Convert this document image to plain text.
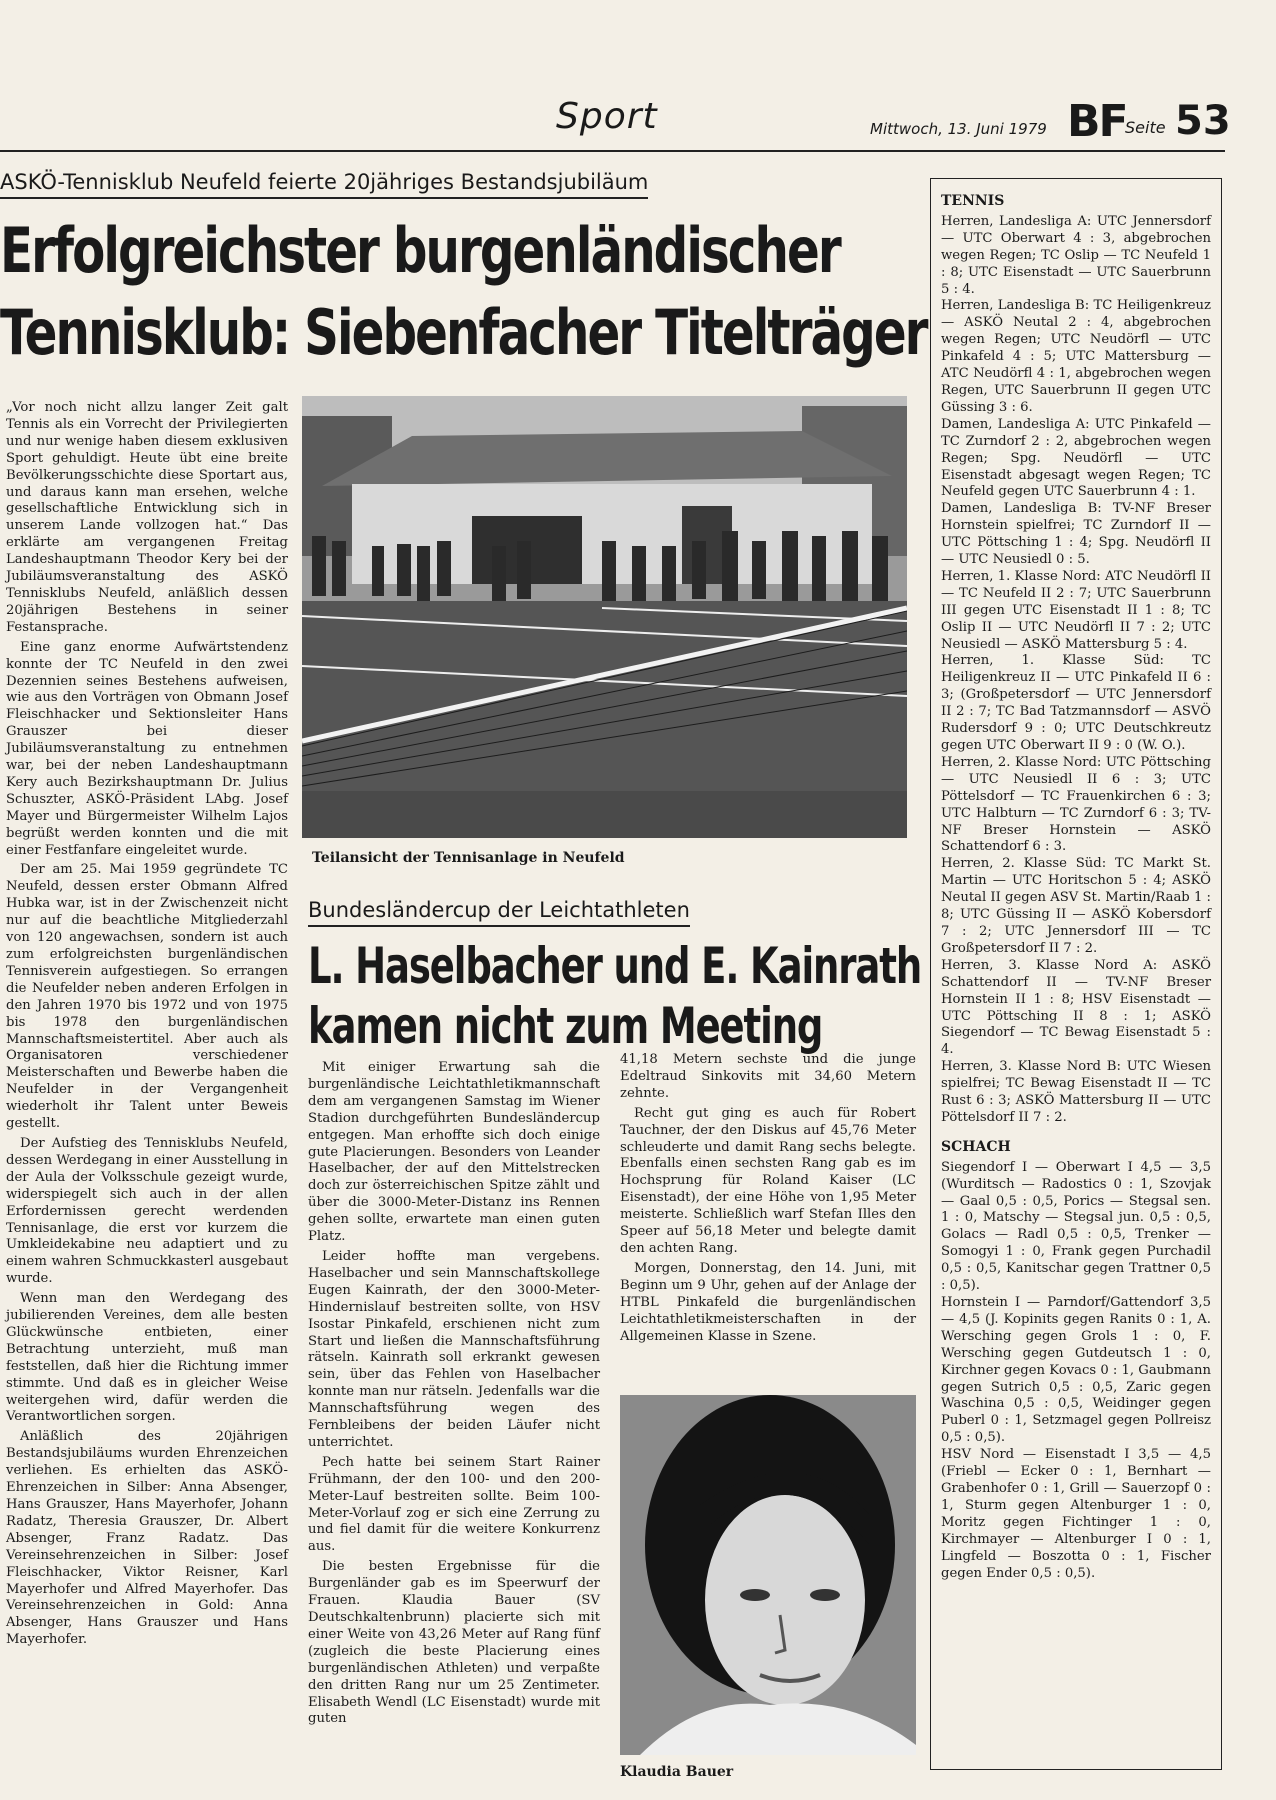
Sport	Mittwoch, 13. Juni 1979 BF
Seite 53
ASKÖ-Tennisklub Neufeld feierte 20jähriges Bestandsjubiläum
Erfolgreichster burgenländischer
Tennisklub: Siebenfacher Titelträger

„Vor noch nicht allzu langer Zeit galt Tennis als ein Vorrecht der Privilegierten und nur wenige haben diesem exklusiven Sport gehuldigt. Heute übt eine breite Bevölkerungsschichte diese Sportart aus, und daraus kann man ersehen, welche gesellschaftliche Entwicklung sich in unserem Lande vollzogen hat.“ Das erklärte am vergangenen Freitag Landeshauptmann Theodor Kery bei der Jubiläumsveranstaltung des ASKÖ Tennisklubs Neufeld, anläßlich dessen 20jährigen Bestehens in seiner Festansprache.

Eine ganz enorme Aufwärtstendenz konnte der TC Neufeld in den zwei Dezennien seines Bestehens aufweisen, wie aus den Vorträgen von Obmann Josef Fleischhacker und Sektionsleiter Hans Grauszer bei dieser Jubiläumsveranstaltung zu entnehmen war, bei der neben Landeshauptmann Kery auch Bezirkshauptmann Dr. Julius Schuszter, ASKÖ-Präsident LAbg. Josef Mayer und Bürgermeister Wilhelm Lajos begrüßt werden konnten und die mit einer Festfanfare eingeleitet wurde.

Der am 25. Mai 1959 gegründete TC Neufeld, dessen erster Obmann Alfred Hubka war, ist in der Zwischenzeit nicht nur auf die beachtliche Mitgliederzahl von 120 angewachsen, sondern ist auch zum erfolgreichsten burgenländischen Tennisverein aufgestiegen. So errangen die Neufelder neben anderen Erfolgen in den Jahren 1970 bis 1972 und von 1975 bis 1978 den burgenländischen Mannschaftsmeistertitel. Aber auch als Organisatoren verschiedener Meisterschaften und Bewerbe haben die Neufelder in der Vergangenheit wiederholt ihr Talent unter Beweis gestellt.

Der Aufstieg des Tennisklubs Neufeld, dessen Werdegang in einer Ausstellung in der Aula der Volksschule gezeigt wurde, widerspiegelt sich auch in der allen Erfordernissen gerecht werdenden Tennisanlage, die erst vor kurzem die Umkleidekabine neu adaptiert und zu einem wahren Schmuckkasterl ausgebaut wurde.

Wenn man den Werdegang des jubilierenden Vereines, dem alle besten Glückwünsche entbieten, einer Betrachtung unterzieht, muß man feststellen, daß hier die Richtung immer stimmte. Und daß es in gleicher Weise weitergehen wird, dafür werden die Verantwortlichen sorgen.

Anläßlich des 20jährigen Bestandsjubiläums wurden Ehrenzeichen verliehen. Es erhielten das ASKÖ-Ehrenzeichen in Silber: Anna Absenger, Hans Grauszer, Hans Mayerhofer, Johann Radatz, Theresia Grauszer, Dr. Albert Absenger, Franz Radatz. Das Vereinsehrenzeichen in Silber: Josef Fleischhacker, Viktor Reisner, Karl Mayerhofer und Alfred Mayerhofer. Das Vereinsehrenzeichen in Gold: Anna Absenger, Hans Grauszer und Hans Mayerhofer.

Teilansicht der Tennisanlage in Neufeld
Bundesländercup der Leichtathleten
L. Haselbacher und E. Kainrath
kamen nicht zum Meeting

Mit einiger Erwartung sah die burgenländische Leichtathletikmannschaft dem am vergangenen Samstag im Wiener Stadion durchgeführten Bundesländercup entgegen. Man erhoffte sich doch einige gute Placierungen. Besonders von Leander Haselbacher, der auf den Mittelstrecken doch zur österreichischen Spitze zählt und über die 3000-Meter-Distanz ins Rennen gehen sollte, erwartete man einen guten Platz.

Leider hoffte man vergebens. Haselbacher und sein Mannschaftskollege Eugen Kainrath, der den 3000-Meter-Hindernislauf bestreiten sollte, von HSV Isostar Pinkafeld, erschienen nicht zum Start und ließen die Mannschaftsführung rätseln. Kainrath soll erkrankt gewesen sein, über das Fehlen von Haselbacher konnte man nur rätseln. Jedenfalls war die Mannschaftsführung wegen des Fernbleibens der beiden Läufer nicht unterrichtet.

Pech hatte bei seinem Start Rainer Frühmann, der den 100- und den 200-Meter-Lauf bestreiten sollte. Beim 100-Meter-Vorlauf zog er sich eine Zerrung zu und fiel damit für die weitere Konkurrenz aus.

Die besten Ergebnisse für die Burgenländer gab es im Speerwurf der Frauen. Klaudia Bauer (SV Deutschkaltenbrunn) placierte sich mit einer Weite von 43,26 Meter auf Rang fünf (zugleich die beste Placierung eines burgenländischen Athleten) und verpaßte den dritten Rang nur um 25 Zentimeter. Elisabeth Wendl (LC Eisenstadt) wurde mit guten

41,18 Metern sechste und die junge Edeltraud Sinkovits mit 34,60 Metern zehnte.

Recht gut ging es auch für Robert Tauchner, der den Diskus auf 45,76 Meter schleuderte und damit Rang sechs belegte. Ebenfalls einen sechsten Rang gab es im Hochsprung für Roland Kaiser (LC Eisenstadt), der eine Höhe von 1,95 Meter meisterte. Schließlich warf Stefan Illes den Speer auf 56,18 Meter und belegte damit den achten Rang.

Morgen, Donnerstag, den 14. Juni, mit Beginn um 9 Uhr, gehen auf der Anlage der HTBL Pinkafeld die burgenländischen Leichtathletikmeisterschaften in der Allgemeinen Klasse in Szene.

Klaudia Bauer
TENNIS

Herren, Landesliga A: UTC Jennersdorf — UTC Oberwart 4 : 3, abgebrochen wegen Regen; TC Oslip — TC Neufeld 1 : 8; UTC Eisenstadt — UTC Sauerbrunn 5 : 4.

Herren, Landesliga B: TC Heiligenkreuz — ASKÖ Neutal 2 : 4, abgebrochen wegen Regen; UTC Neudörfl — UTC Pinkafeld 4 : 5; UTC Mattersburg — ATC Neudörfl 4 : 1, abgebrochen wegen Regen, UTC Sauerbrunn II gegen UTC Güssing 3 : 6.

Damen, Landesliga A: UTC Pinkafeld — TC Zurndorf 2 : 2, abgebrochen wegen Regen; Spg. Neudörfl — UTC Eisenstadt abgesagt wegen Regen; TC Neufeld gegen UTC Sauerbrunn 4 : 1.

Damen, Landesliga B: TV-NF Breser Hornstein spielfrei; TC Zurndorf II — UTC Pöttsching 1 : 4; Spg. Neudörfl II — UTC Neusiedl 0 : 5.

Herren, 1. Klasse Nord: ATC Neudörfl II — TC Neufeld II 2 : 7; UTC Sauerbrunn III gegen UTC Eisenstadt II 1 : 8; TC Oslip II — UTC Neudörfl II 7 : 2; UTC Neusiedl — ASKÖ Mattersburg 5 : 4.

Herren, 1. Klasse Süd: TC Heiligenkreuz II — UTC Pinkafeld II 6 : 3; (Großpetersdorf — UTC Jennersdorf II 2 : 7; TC Bad Tatzmannsdorf — ASVÖ Rudersdorf 9 : 0; UTC Deutschkreutz gegen UTC Oberwart II 9 : 0 (W. O.).

Herren, 2. Klasse Nord: UTC Pöttsching — UTC Neusiedl II 6 : 3; UTC Pöttelsdorf — TC Frauenkirchen 6 : 3; UTC Halbturn — TC Zurndorf 6 : 3; TV-NF Breser Hornstein — ASKÖ Schattendorf 6 : 3.

Herren, 2. Klasse Süd: TC Markt St. Martin — UTC Horitschon 5 : 4; ASKÖ Neutal II gegen ASV St. Martin/Raab 1 : 8; UTC Güssing II — ASKÖ Kobersdorf 7 : 2; UTC Jennersdorf III — TC Großpetersdorf II 7 : 2.

Herren, 3. Klasse Nord A: ASKÖ Schattendorf II — TV-NF Breser Hornstein II 1 : 8; HSV Eisenstadt — UTC Pöttsching II 8 : 1; ASKÖ Siegendorf — TC Bewag Eisenstadt 5 : 4.

Herren, 3. Klasse Nord B: UTC Wiesen spielfrei; TC Bewag Eisenstadt II — TC Rust 6 : 3; ASKÖ Mattersburg II — UTC Pöttelsdorf II 7 : 2.

SCHACH

Siegendorf I — Oberwart I 4,5 — 3,5 (Wurditsch — Radostics 0 : 1, Szovjak — Gaal 0,5 : 0,5, Porics — Stegsal sen. 1 : 0, Matschy — Stegsal jun. 0,5 : 0,5, Golacs — Radl 0,5 : 0,5, Trenker — Somogyi 1 : 0, Frank gegen Purchadil 0,5 : 0,5, Kanitschar gegen Trattner 0,5 : 0,5).

Hornstein I — Parndorf/Gattendorf 3,5 — 4,5 (J. Kopinits gegen Ranits 0 : 1, A. Wersching gegen Grols 1 : 0, F. Wersching gegen Gutdeutsch 1 : 0, Kirchner gegen Kovacs 0 : 1, Gaubmann gegen Sutrich 0,5 : 0,5, Zaric gegen Waschina 0,5 : 0,5, Weidinger gegen Puberl 0 : 1, Setzmagel gegen Pollreisz 0,5 : 0,5).

HSV Nord — Eisenstadt I 3,5 — 4,5 (Friebl — Ecker 0 : 1, Bernhart — Grabenhofer 0 : 1, Grill — Sauerzopf 0 : 1, Sturm gegen Altenburger 1 : 0, Moritz gegen Fichtinger 1 : 0, Kirchmayer — Altenburger I 0 : 1, Lingfeld — Boszotta 0 : 1, Fischer gegen Ender 0,5 : 0,5).
